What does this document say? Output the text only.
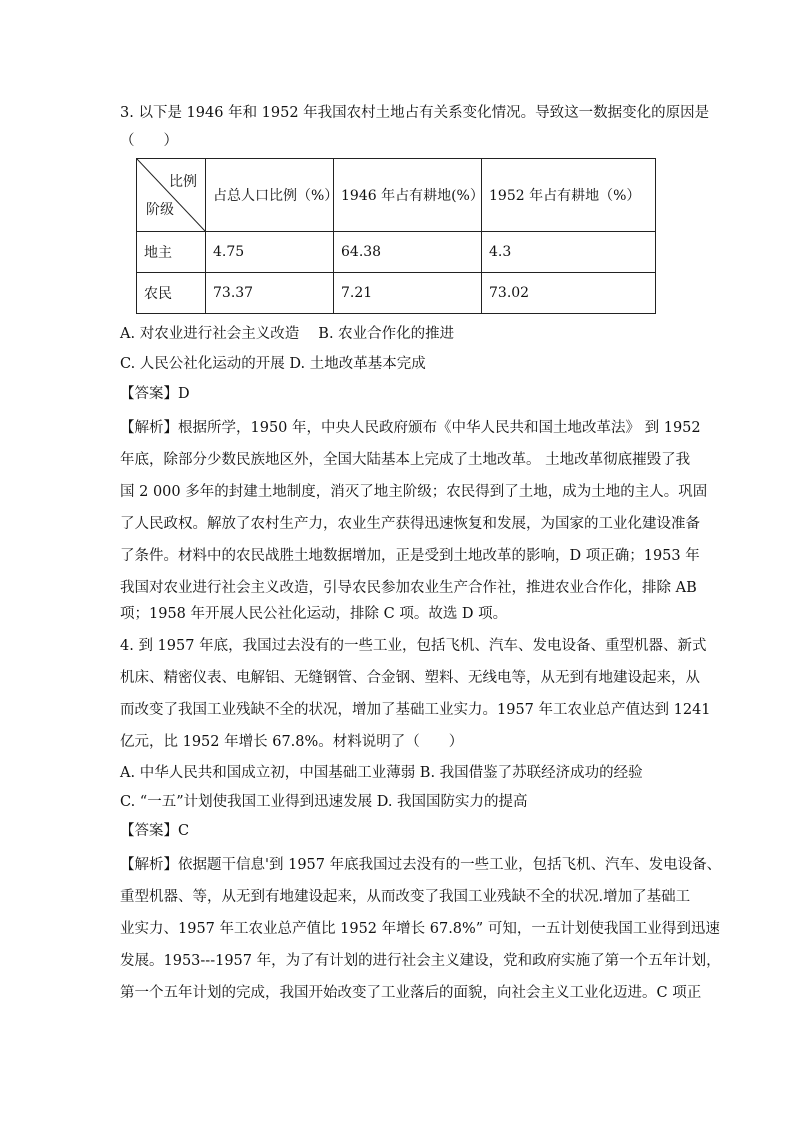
3. 以下是 1946 年和 1952 年我国农村土地占有关系变化情况。导致这一数据变化的原因是
（　　）
比例
阶级	占总人口比例（%）	1946 年占有耕地(%）	1952 年占有耕地（%）
地主	4.75	64.38	4.3
农民	73.37	7.21	73.02
A. 对农业进行社会主义改造　 B. 农业合作化的推进
C. 人民公社化运动的开展 D. 土地改革基本完成
【答案】D
【解析】根据所学，1950 年，中央人民政府颁布《中华人民共和国土地改革法》 到 1952
年底，除部分少数民族地区外，全国大陆基本上完成了土地改革。 土地改革彻底摧毁了我
国 2 000 多年的封建土地制度，消灭了地主阶级；农民得到了土地，成为土地的主人。巩固
了人民政权。解放了农村生产力，农业生产获得迅速恢复和发展，为国家的工业化建设准备
了条件。材料中的农民战胜土地数据增加，正是受到土地改革的影响，D 项正确；1953 年
我国对农业进行社会主义改造，引导农民参加农业生产合作社，推进农业合作化，排除 AB
项；1958 年开展人民公社化运动，排除 C 项。故选 D 项。
4. 到 1957 年底，我国过去没有的一些工业，包括飞机、汽车、发电设备、重型机器、新式
机床、精密仪表、电解铝、无缝钢管、合金钢、塑料、无线电等，从无到有地建设起来，从
而改变了我国工业残缺不全的状况，增加了基础工业实力。1957 年工农业总产值达到 1241
亿元，比 1952 年增长 67.8%。材料说明了（　　）
A. 中华人民共和国成立初，中国基础工业薄弱 B. 我国借鉴了苏联经济成功的经验
C. “一五”计划使我国工业得到迅速发展 D. 我国国防实力的提高
【答案】C
【解析】依据题干信息'到 1957 年底我国过去没有的一些工业，包括飞机、汽车、发电设备、
重型机器、等，从无到有地建设起来，从而改变了我国工业残缺不全的状况.增加了基础工
业实力、1957 年工农业总产值比 1952 年增长 67.8%” 可知，一五计划使我国工业得到迅速
发展。1953---1957 年，为了有计划的进行社会主义建设，党和政府实施了第一个五年计划，
第一个五年计划的完成，我国开始改变了工业落后的面貌，向社会主义工业化迈进。C 项正
